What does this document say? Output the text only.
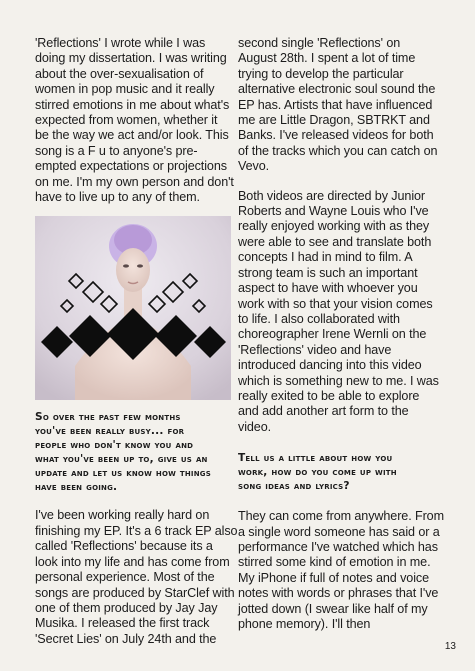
'Reflections' I wrote while I was
doing my dissertation. I was writing
about the over-sexualisation of
women in pop music and it really
stirred emotions in me about what's
expected from women, whether it
be the way we act and/or look. This
song is a F u to anyone's pre-
empted expectations or projections
on me. I'm my own person and don't
have to live up to any of them.

So over the past few months
you've been really busy... for
people who don't know you and
what you've been up to, give us an
update and let us know how things
have been going.

I've been working really hard on
finishing my EP. It's a 6 track EP also
called 'Reflections' because its a
look into my life and has come from
personal experience. Most of the
songs are produced by StarClef with
one of them produced by Jay Jay
Musika. I released the first track
'Secret Lies' on July 24th and the

second single 'Reflections' on
August 28th. I spent a lot of time
trying to develop the particular
alternative electronic soul sound the
EP has. Artists that have influenced
me are Little Dragon, SBTRKT and
Banks. I've released videos for both
of the tracks which you can catch on
Vevo.

Both videos are directed by Junior
Roberts and Wayne Louis who I've
really enjoyed working with as they
were able to see and translate both
concepts I had in mind to film. A
strong team is such an important
aspect to have with whoever you
work with so that your vision comes
to life. I also collaborated with
choreographer Irene Wernli on the
'Reflections' video and have
introduced dancing into this video
which is something new to me. I was
really exited to be able to explore
and add another art form to the
video.

Tell us a little about how you
work, how do you come up with
song ideas and lyrics?

They can come from anywhere. From
a single word someone has said or a
performance I've watched which has
stirred some kind of emotion in me.
My iPhone if full of notes and voice
notes with words or phrases that I've
jotted down (I swear like half of my
phone memory). I'll then

13
